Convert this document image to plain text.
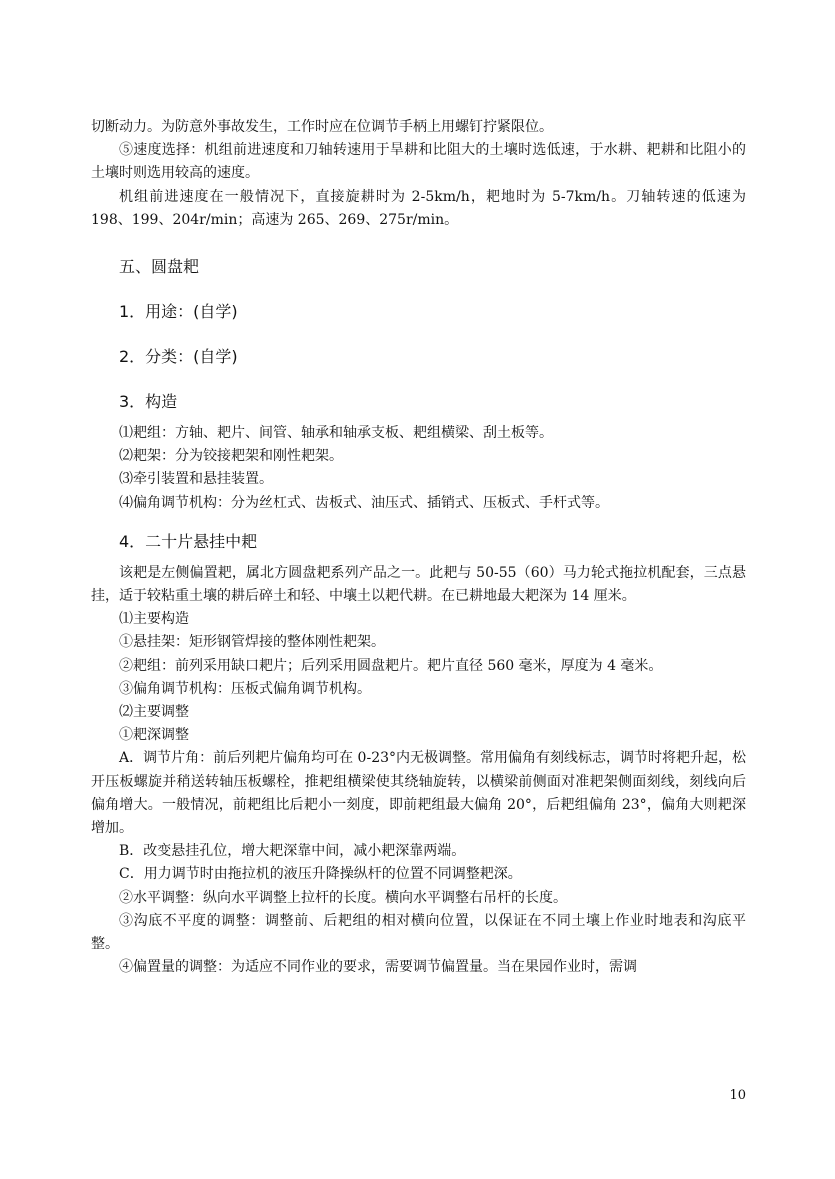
切断动力。为防意外事故发生，工作时应在位调节手柄上用螺钉拧紧限位。

⑤速度选择：机组前进速度和刀轴转速用于旱耕和比阻大的土壤时选低速，于水耕、耙耕和比阻小的土壤时则选用较高的速度。

机组前进速度在一般情况下，直接旋耕时为 2-5km/h，耙地时为 5-7km/h。刀轴转速的低速为 198、199、204r/min；高速为 265、269、275r/min。

五、圆盘耙
1．用途：(自学)
2．分类：(自学)
3．构造

⑴耙组：方轴、耙片、间管、轴承和轴承支板、耙组横梁、刮土板等。

⑵耙架：分为铰接耙架和刚性耙架。

⑶牵引装置和悬挂装置。

⑷偏角调节机构：分为丝杠式、齿板式、油压式、插销式、压板式、手杆式等。

4．二十片悬挂中耙

该耙是左侧偏置耙，属北方圆盘耙系列产品之一。此耙与 50-55（60）马力轮式拖拉机配套，三点悬挂，适于较粘重土壤的耕后碎土和轻、中壤土以耙代耕。在已耕地最大耙深为 14 厘米。

⑴主要构造

①悬挂架：矩形钢管焊接的整体刚性耙架。

②耙组：前列采用缺口耙片；后列采用圆盘耙片。耙片直径 560 毫米，厚度为 4 毫米。

③偏角调节机构：压板式偏角调节机构。

⑵主要调整

①耙深调整

A．调节片角：前后列耙片偏角均可在 0-23°内无极调整。常用偏角有刻线标志，调节时将耙升起，松开压板螺旋并稍送转轴压板螺栓，推耙组横梁使其绕轴旋转，以横梁前侧面对准耙架侧面刻线，刻线向后偏角增大。一般情况，前耙组比后耙小一刻度，即前耙组最大偏角 20°，后耙组偏角 23°，偏角大则耙深增加。

B．改变悬挂孔位，增大耙深靠中间，减小耙深靠两端。

C．用力调节时由拖拉机的液压升降操纵杆的位置不同调整耙深。

②水平调整：纵向水平调整上拉杆的长度。横向水平调整右吊杆的长度。

③沟底不平度的调整：调整前、后耙组的相对横向位置，以保证在不同土壤上作业时地表和沟底平整。

④偏置量的调整：为适应不同作业的要求，需要调节偏置量。当在果园作业时，需调

10
